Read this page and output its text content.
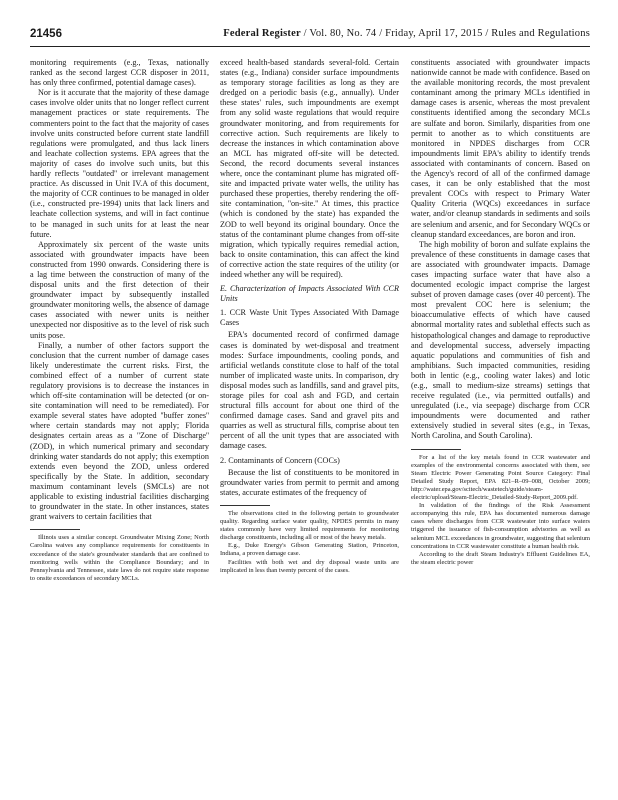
21456	Federal Register / Vol. 80, No. 74 / Friday, April 17, 2015 / Rules and Regulations

monitoring requirements (e.g., Texas, nationally ranked as the second largest CCR disposer in 2011, has only three confirmed, potential damage cases).

Nor is it accurate that the majority of these damage cases involve older units that no longer reflect current management practices or state requirements. The commenters point to the fact that the majority of cases involve units constructed before current state landfill regulations were promulgated, and thus lack liners and leachate collection systems. EPA agrees that the majority of cases do involve such units, but this hardly reflects ''outdated'' or irrelevant management practice. As discussed in Unit IV.A of this document, the majority of CCR continues to be managed in older (i.e., constructed pre-1994) units that lack liners and leachate collection systems, and will in fact continue to be managed in such units for at least the near future.

Approximately six percent of the waste units associated with groundwater impacts have been constructed from 1990 onwards. Considering there is a lag time between the construction of many of the disposal units and the first detection of their groundwater impact by subsequently installed groundwater monitoring wells, the absence of damage cases associated with newer units is neither unexpected nor dispositive as to the level of risk such units pose.

Finally, a number of other factors support the conclusion that the current number of damage cases likely underestimate the current risks. First, the combined effect of a number of current state regulatory provisions is to decrease the instances in which off-site contamination will be detected (or on-site contamination will need to be remediated). For example several states have adopted ''buffer zones'' where certain standards may not apply; Florida designates certain areas as a ''Zone of Discharge'' (ZOD), in which numerical primary and secondary drinking water standards do not apply; this exemption extends even beyond the ZOD, unless ordered specifically by the State. In addition, secondary maximum contaminant levels (SMCLs) are not applicable to existing industrial facilities discharging to groundwater in the state. In other instances, states grant waivers to certain facilities that

Illinois uses a similar concept. Groundwater Mixing Zone; North Carolina waives any compliance requirements for constituents in exceedance of the state's groundwater standards that are confined to monitoring wells within the Compliance Boundary; and in Pennsylvania and Tennessee, state laws do not require state response to onsite exceedances of secondary MCLs.

exceed health-based standards several-fold. Certain states (e.g., Indiana) consider surface impoundments as temporary storage facilities as long as they are dredged on a periodic basis (e.g., annually). Under these states' rules, such impoundments are exempt from any solid waste regulations that would require groundwater monitoring, and from requirements for corrective action. Such requirements are likely to decrease the instances in which contamination above an MCL has migrated off-site will be detected. Second, the record documents several instances where, once the contaminant plume has migrated off-site and impacted private water wells, the utility has purchased these properties, thereby rendering the off-site contamination, ''on-site.'' At times, this practice (which is condoned by the state) has expanded the ZOD to well beyond its original boundary. Once the status of the contaminant plume changes from off-site migration, which typically requires remedial action, back to onsite contamination, this can affect the kind of corrective action the state requires of the utility (or indeed whether any will be required).

E. Characterization of Impacts Associated With CCR Units

1. CCR Waste Unit Types Associated With Damage Cases

EPA's documented record of confirmed damage cases is dominated by wet-disposal and treatment modes: Surface impoundments, cooling ponds, and artificial wetlands constitute close to half of the total number of implicated waste units. In comparison, dry disposal modes such as landfills, sand and gravel pits, storage piles for coal ash and FGD, and certain structural fills account for about one third of the confirmed damage cases. Sand and gravel pits and quarries as well as structural fills, comprise about ten percent of all the unit types that are associated with damage cases.

2. Contaminants of Concern (COCs)

Because the list of constituents to be monitored in groundwater varies from permit to permit and among states, accurate estimates of the frequency of

The observations cited in the following pertain to groundwater quality. Regarding surface water quality, NPDES permits in many states commonly have very limited requirements for monitoring discharge constituents, including all or most of the heavy metals.

E.g., Duke Energy's Gibson Generating Station, Princeton, Indiana, a proven damage case.

Facilities with both wet and dry disposal waste units are implicated in less than twenty percent of the cases.

constituents associated with groundwater impacts nationwide cannot be made with confidence. Based on the available monitoring records, the most prevalent contaminant among the primary MCLs identified in damage cases is arsenic, whereas the most prevalent constituents identified among the secondary MCLs are sulfate and boron. Similarly, disparities from one permit to another as to which constituents are monitored in NPDES discharges from CCR impoundments limit EPA's ability to identify trends associated with contaminants of concern. Based on the Agency's record of all of the confirmed damage cases, it can be only established that the most prevalent COCs with respect to Primary Water Quality Criteria (WQCs) exceedances in surface water, and/or cleanup standards in sediments and soils are selenium and arsenic, and for Secondary WQCs or cleanup standard exceedances, are boron and iron.

The high mobility of boron and sulfate explains the prevalence of these constituents in damage cases that are associated with groundwater impacts. Damage cases impacting surface water that have also a documented ecologic impact comprise the largest subset of proven damage cases (over 40 percent). The most prevalent COC here is selenium; the bioaccumulative effects of which have caused abnormal mortality rates and sublethal effects such as histopathological changes and damage to reproductive and developmental success, adversely impacting aquatic populations and communities of fish and amphibians. Such impacted communities, residing both in lentic (e.g., cooling water lakes) and lotic (e.g., small to medium-size streams) settings that receive regulated (i.e., via permitted outfalls) and unregulated (i.e., via seepage) discharge from CCR impoundments were documented and rather extensively studied in several sites (e.g., in Texas, North Carolina, and South Carolina).

For a list of the key metals found in CCR wastewater and examples of the environmental concerns associated with them, see Steam Electric Power Generating Point Source Category: Final Detailed Study Report, EPA 821–R–09–008, October 2009; http://water.epa.gov/scitech/wastetech/guide/steam-electric/upload/Steam-Electric_Detailed-Study-Report_2009.pdf.

In validation of the findings of the Risk Assessment accompanying this rule, EPA has documented numerous damage cases where discharges from CCR wastewater into surface waters triggered the issuance of fish-consumption advisories as well as selenium MCL exceedances in groundwater, suggesting that selenium concentrations in CCR wastewater constitute a human health risk.

According to the draft Steam Industry's Effluent Guidelines EA, the steam electric power
